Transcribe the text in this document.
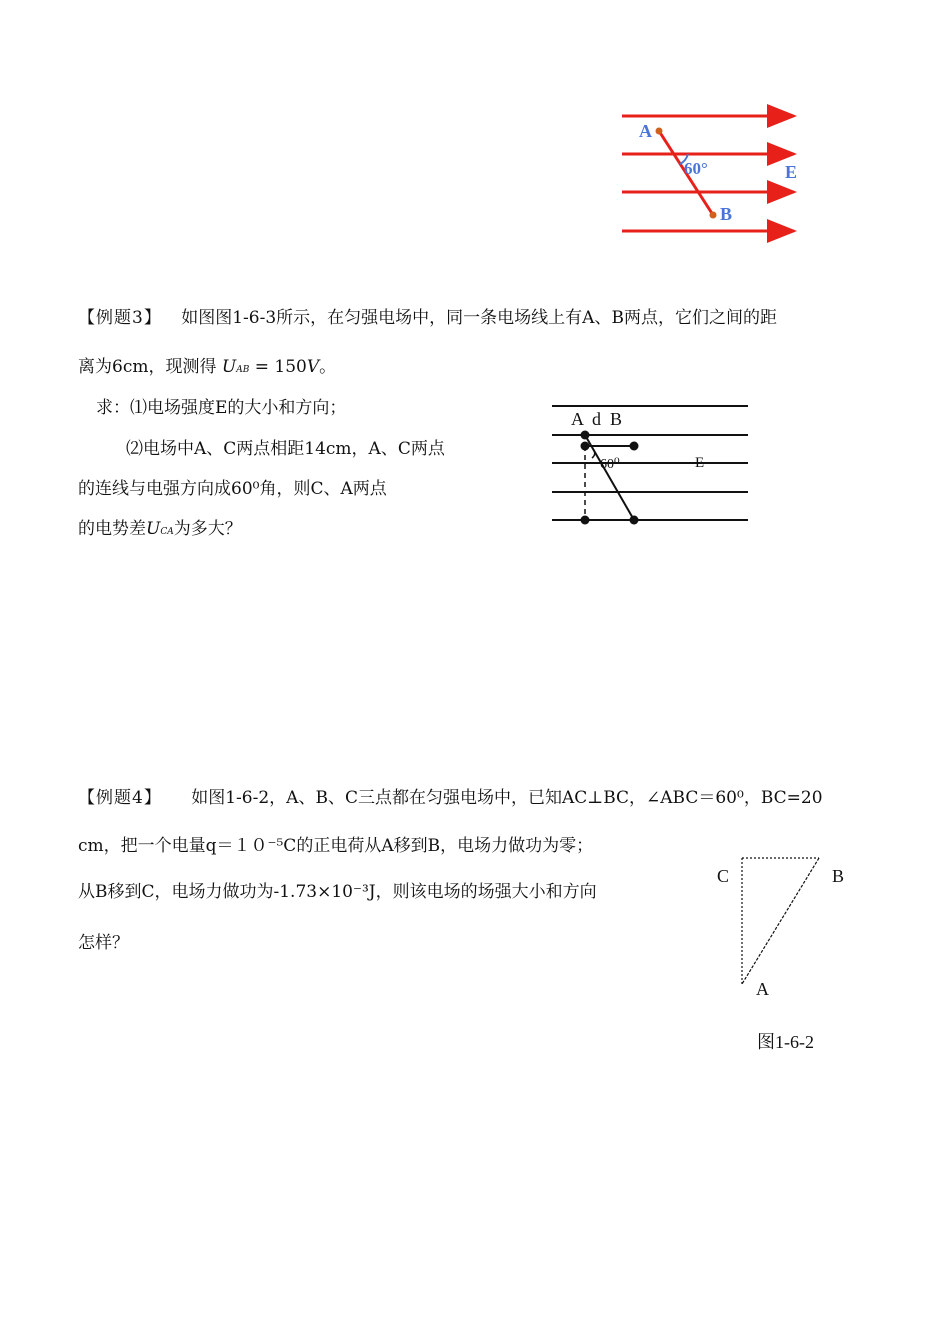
A
B
60°	E
【例题3】 如图图1-6-3所示，在匀强电场中，同一条电场线上有A、B两点，它们之间的距
离为6cm，现测得 UAB = 150V。
求：⑴电场强度E的大小和方向；
⑵电场中A、C两点相距14cm，A、C两点
的连线与电强方向成60⁰角，则C、A两点
的电势差UCA为多大？
A  d  B
60⁰	E
【例题4】 如图1-6-2，A、B、C三点都在匀强电场中，已知AC⊥BC，∠ABC＝60⁰，BC=20
cm，把一个电量q＝１０⁻⁵C的正电荷从A移到B，电场力做功为零；
从B移到C，电场力做功为-1.73×10⁻³J，则该电场的场强大小和方向
怎样？
C	B
A
图1-6-2
